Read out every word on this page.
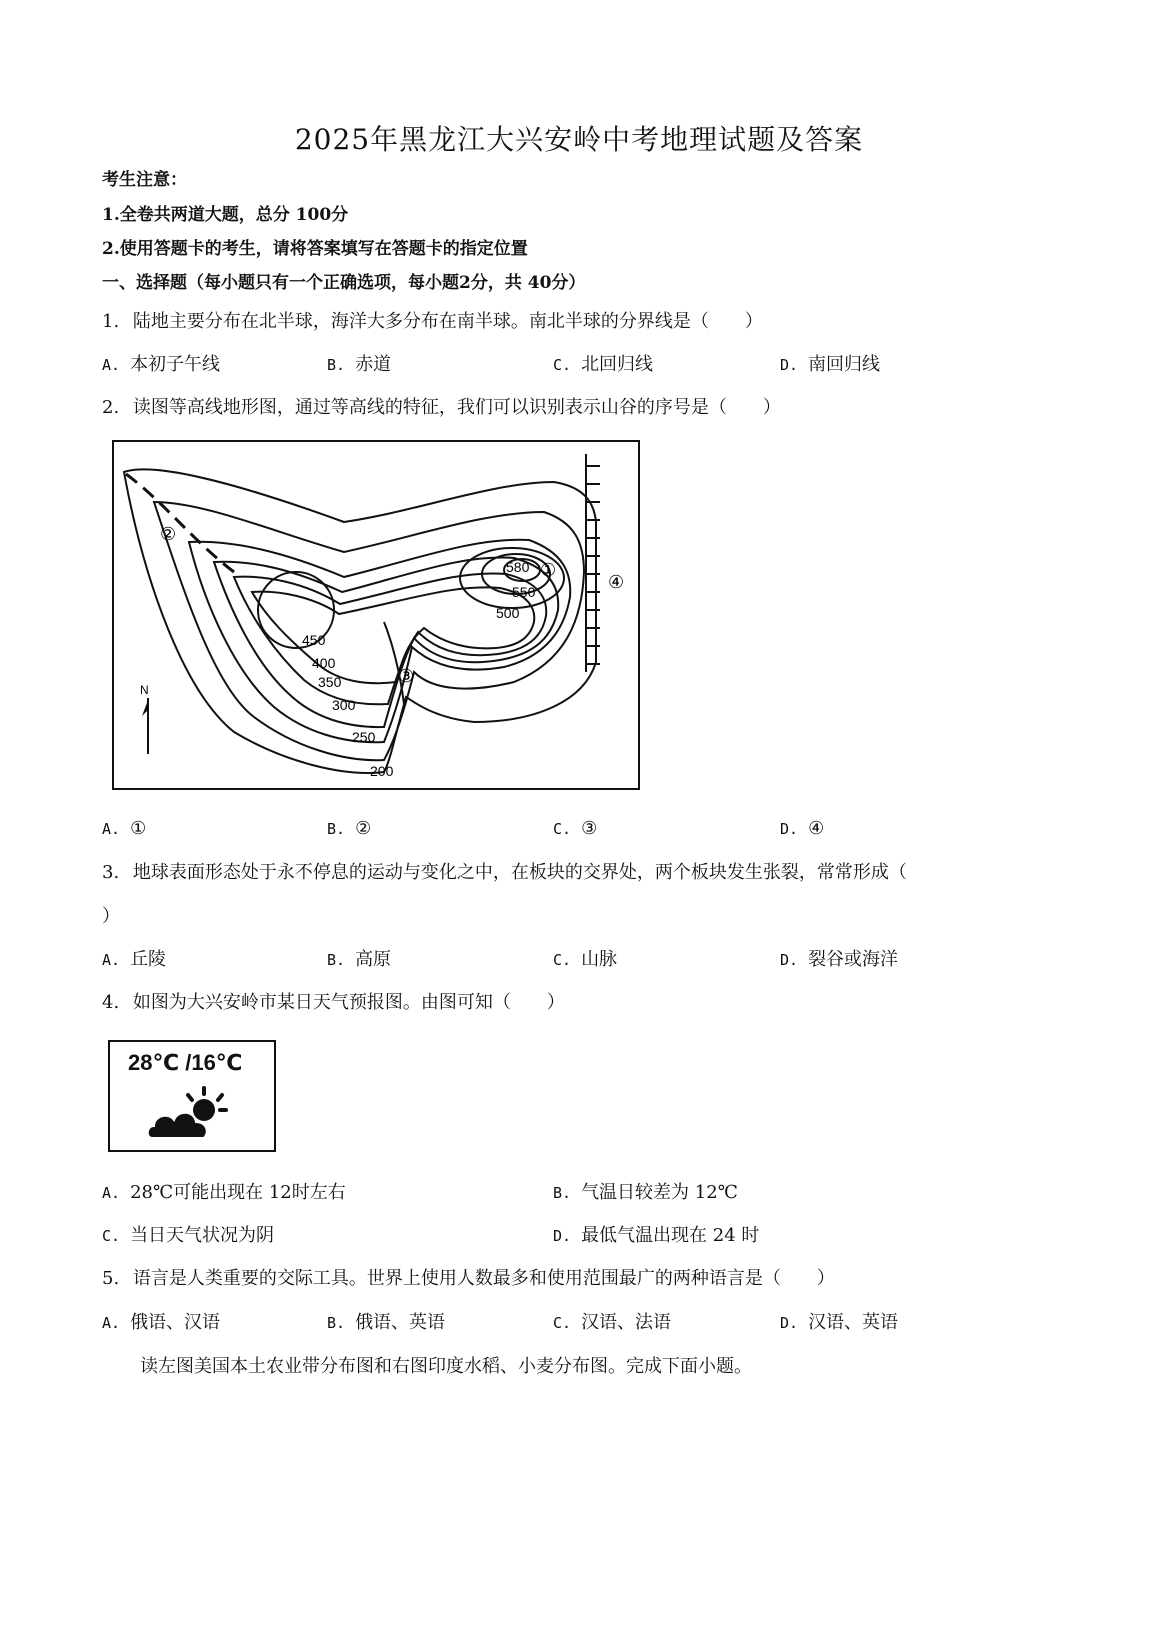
2025年黑龙江大兴安岭中考地理试题及答案
考生注意：
1.全卷共两道大题，总分 100分
2.使用答题卡的考生，请将答案填写在答题卡的指定位置
一、选择题（每小题只有一个正确选项，每小题2分，共 40分）
1. 陆地主要分布在北半球，海洋大多分布在南半球。南北半球的分界线是（　　）
A. 本初子午线	B. 赤道	C. 北回归线	D. 南回归线
2. 读图等高线地形图，通过等高线的特征，我们可以识别表示山谷的序号是（　　）
N
580
550
500
450
400
350
300
250
200
①
②
③
④
A. ①	B. ②	C. ③	D. ④
3. 地球表面形态处于永不停息的运动与变化之中，在板块的交界处，两个板块发生张裂，常常形成（
）
A. 丘陵	B. 高原	C. 山脉	D. 裂谷或海洋
4. 如图为大兴安岭市某日天气预报图。由图可知（　　）
28℃ /16℃
A. 28℃可能出现在 12时左右	B. 气温日较差为 12℃
C. 当日天气状况为阴	D. 最低气温出现在 24 时
5. 语言是人类重要的交际工具。世界上使用人数最多和使用范围最广的两种语言是（　　）
A. 俄语、汉语	B. 俄语、英语	C. 汉语、法语	D. 汉语、英语
读左图美国本土农业带分布图和右图印度水稻、小麦分布图。完成下面小题。
